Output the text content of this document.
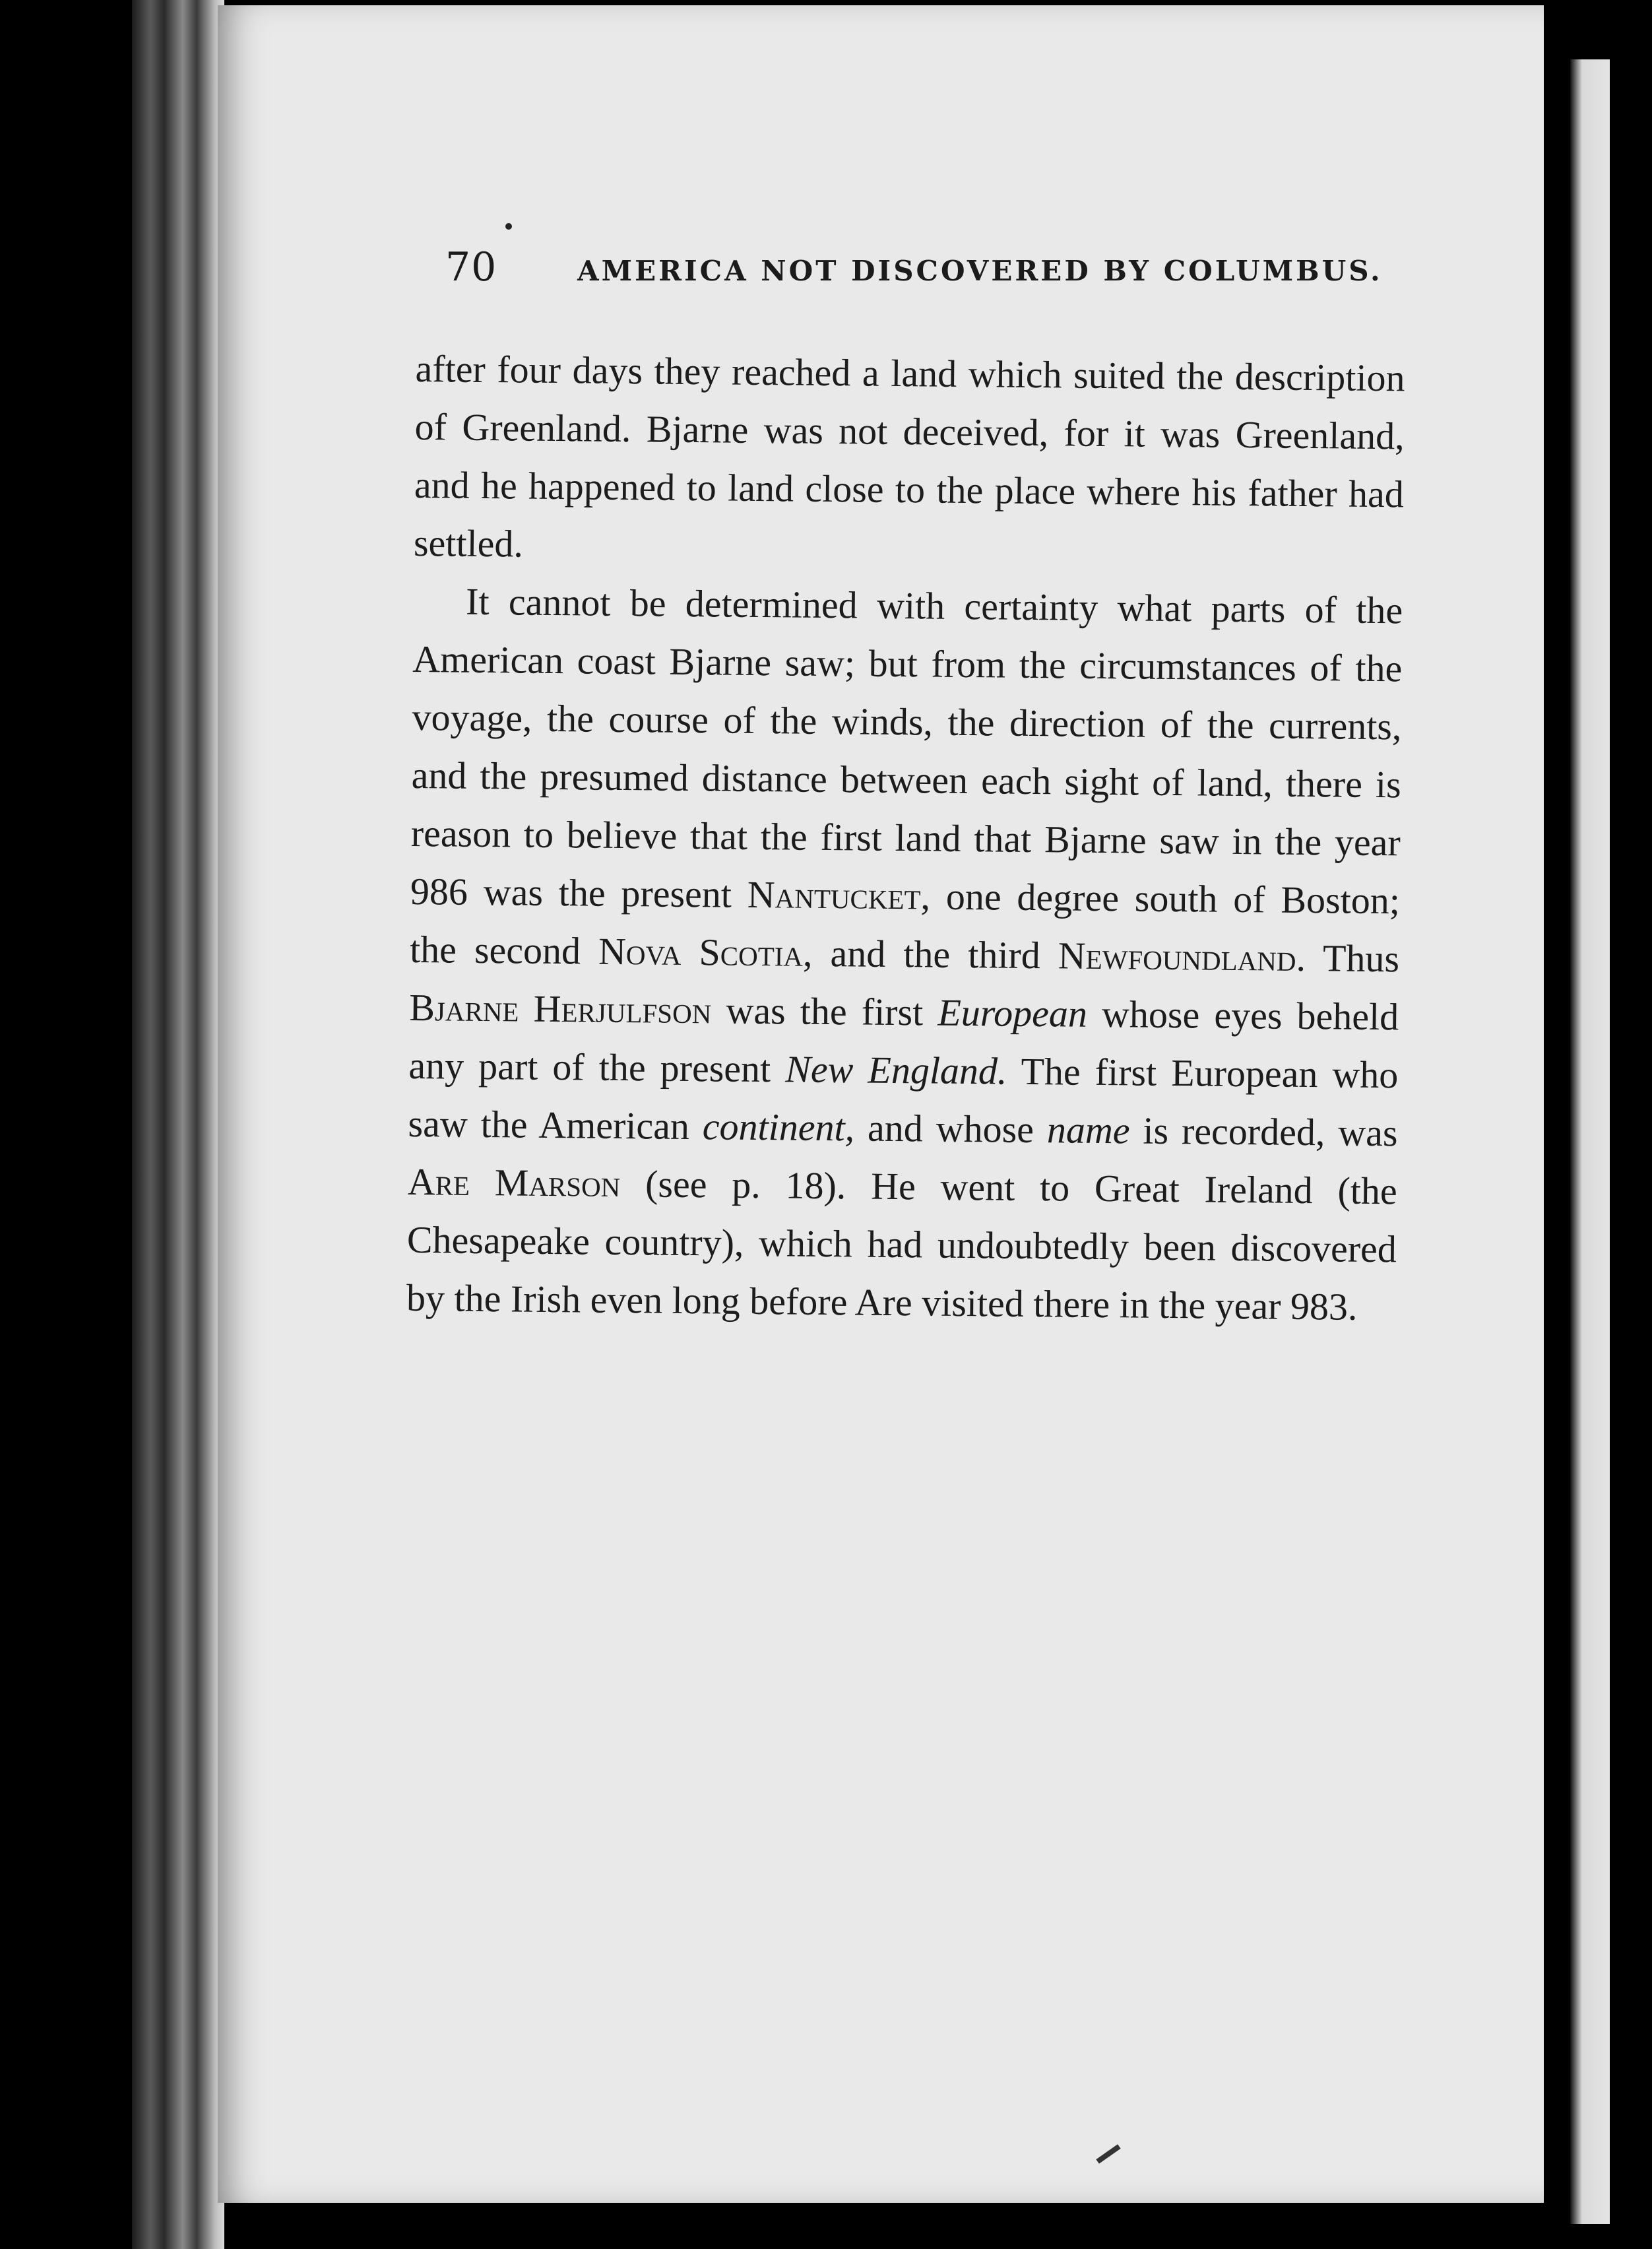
70	AMERICA NOT DISCOVERED BY COLUMBUS.

after four days they reached a land which suited the description of Greenland. Bjarne was not deceived, for it was Greenland, and he happened to land close to the place where his father had settled.

It cannot be determined with certainty what parts of the American coast Bjarne saw; but from the circumstances of the voyage, the course of the winds, the direction of the currents, and the presumed distance between each sight of land, there is reason to believe that the first land that Bjarne saw in the year 986 was the present Nantucket, one degree south of Boston; the second Nova Scotia, and the third Newfoundland. Thus Bjarne Herjulfson was the first European whose eyes beheld any part of the present New England. The first European who saw the American continent, and whose name is recorded, was Are Marson (see p. 18). He went to Great Ireland (the Chesapeake country), which had undoubtedly been discovered by the Irish even long before Are visited there in the year 983.
